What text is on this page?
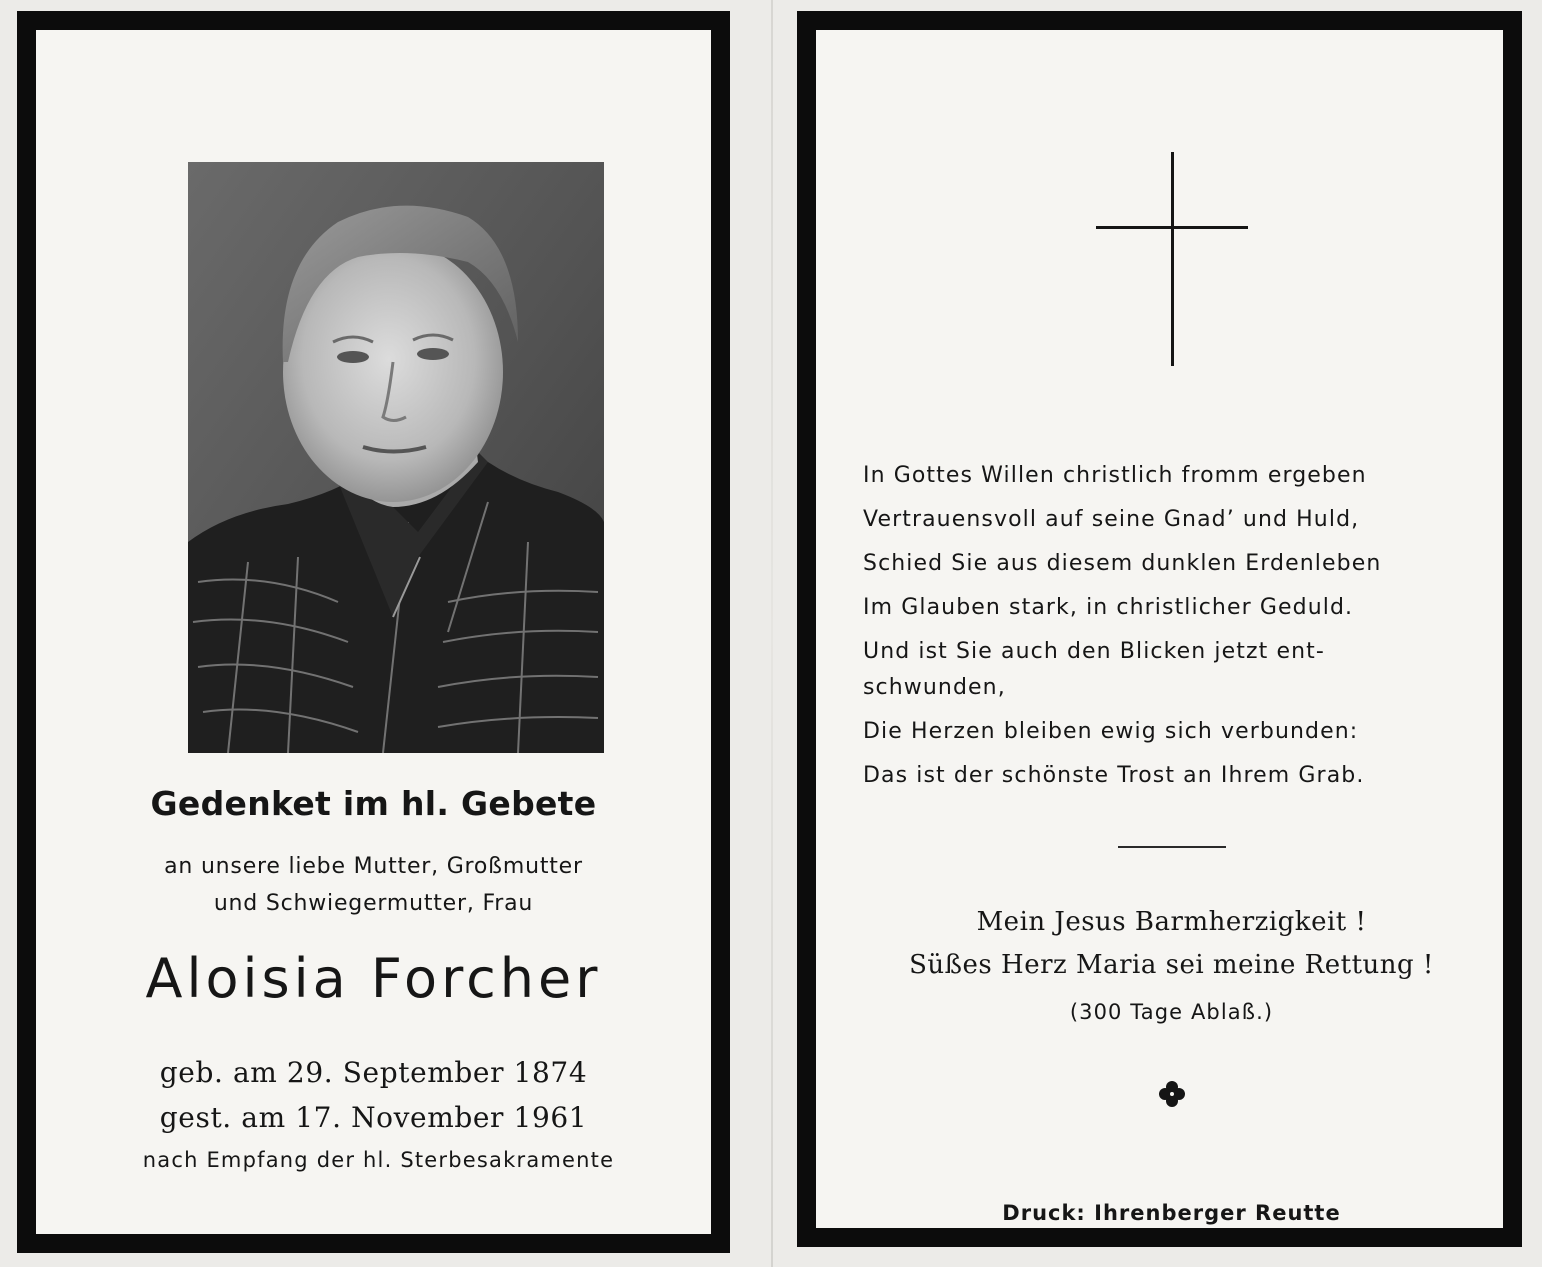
Gedenket im hl. Gebete
an unsere liebe Mutter, Großmutter
und Schwiegermutter, Frau
Aloisia Forcher
geb. am 29. September 1874
gest. am 17. November 1961
nach Empfang der hl. Sterbesakramente
In Gottes Willen christlich fromm ergeben
Vertrauensvoll auf seine Gnad’ und Huld,
Schied Sie aus diesem dunklen Erdenleben
Im Glauben stark, in christlicher Geduld.
Und ist Sie auch den Blicken jetzt ent-
schwunden,
Die Herzen bleiben ewig sich verbunden:
Das ist der schönste Trost an Ihrem Grab.
Mein Jesus Barmherzigkeit !
Süßes Herz Maria sei meine Rettung !
(300 Tage Ablaß.)
Druck: Ihrenberger Reutte
